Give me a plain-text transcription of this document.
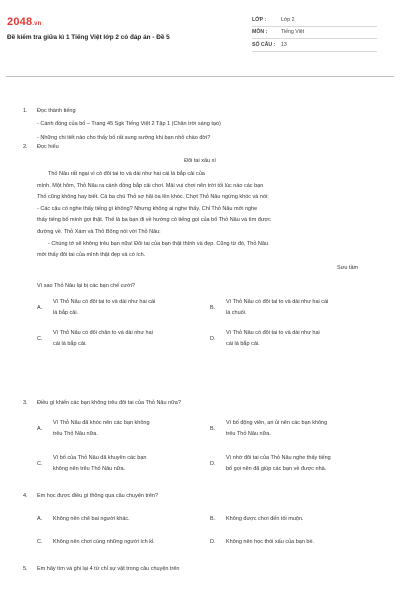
2048.vn
Đề kiểm tra giữa kì 1 Tiếng Việt lớp 2 có đáp án - Đề 5
LỚP :	Lớp 2
MÔN :	Tiếng Việt
SỐ CÂU :	13
1. Đọc thành tiếng
- Cánh đồng của bố – Trang 45 Sgk Tiếng Việt 2 Tập 1 (Chân trời sáng tạo)
- Những chi tiết nào cho thấy bố rất sung sướng khi bạn nhỏ chào đời?
2. Đọc hiểu
Đôi tai xấu xí
Thỏ Nâu rất ngại vì có đôi tai to và dài như hai cái lá bắp cải của
mình. Một hôm, Thỏ Nâu ra cánh đồng bắp cải chơi. Mải vui chơi nên trời tối lúc nào các bạn
Thỏ cũng không hay biết. Cả ba chú Thỏ sợ hãi òa lên khóc. Chợt Thỏ Nâu ngừng khóc và nói:
- Các cậu có nghe thấy tiếng gì không? Nhưng không ai nghe thấy. Chỉ Thỏ Nâu mới nghe
thấy tiếng bố mình gọi thật. Thế là ba bạn đi về hướng có tiếng gọi của bố Thỏ Nâu và tìm được
đường về. Thỏ Xám và Thỏ Bông nói với Thỏ Nâu:
- Chúng tớ sẽ không trêu bạn nữa! Đôi tai của bạn thật thính và đẹp. Cũng từ đó, Thỏ Nâu
mới thấy đôi tai của mình thật đẹp và có ích.
Sưu tầm
Vì sao Thỏ Nâu lại bị các bạn chế cười?
A.
Vì Thỏ Nâu có đôi tai to và dài như hai cái
lá bắp cải.
B.
Vì Thỏ Nâu có đôi tai to và dài như hai cái
lá chuối.
C.
Vì Thỏ Nâu có đôi chân to và dài như hai
cái lá bắp cải.
D.
Vì Thỏ Nâu có đôi tai to và dài như hai
cái lá bắp cải.
3. Điều gì khiến các bạn không trêu đôi tai của Thỏ Nâu nữa?
A.
Vì Thỏ Nâu đã khóc nên các bạn không
trêu Thỏ Nâu nữa.
B.
Vì bố động viên, an ủi nên các bạn không
trêu Thỏ Nâu nữa.
C.
Vì bố của Thỏ Nâu đã khuyên các bạn
không nên trêu Thỏ Nâu nữa.
D.
Vì nhờ đôi tai của Thỏ Nâu nghe thấy tiếng
bố gọi nên đã giúp các bạn về được nhà.
4. Em học được điều gì thông qua câu chuyện trên?
A. Không nên chê bai người khác.	B. Không được chơi đến tối muộn.
C. Không nên chơi cùng những người ích kỉ.	D. Không nên học thói xấu của bạn bè.
5. Em hãy tìm và ghi lại 4 từ chỉ sự vật trong câu chuyện trên
